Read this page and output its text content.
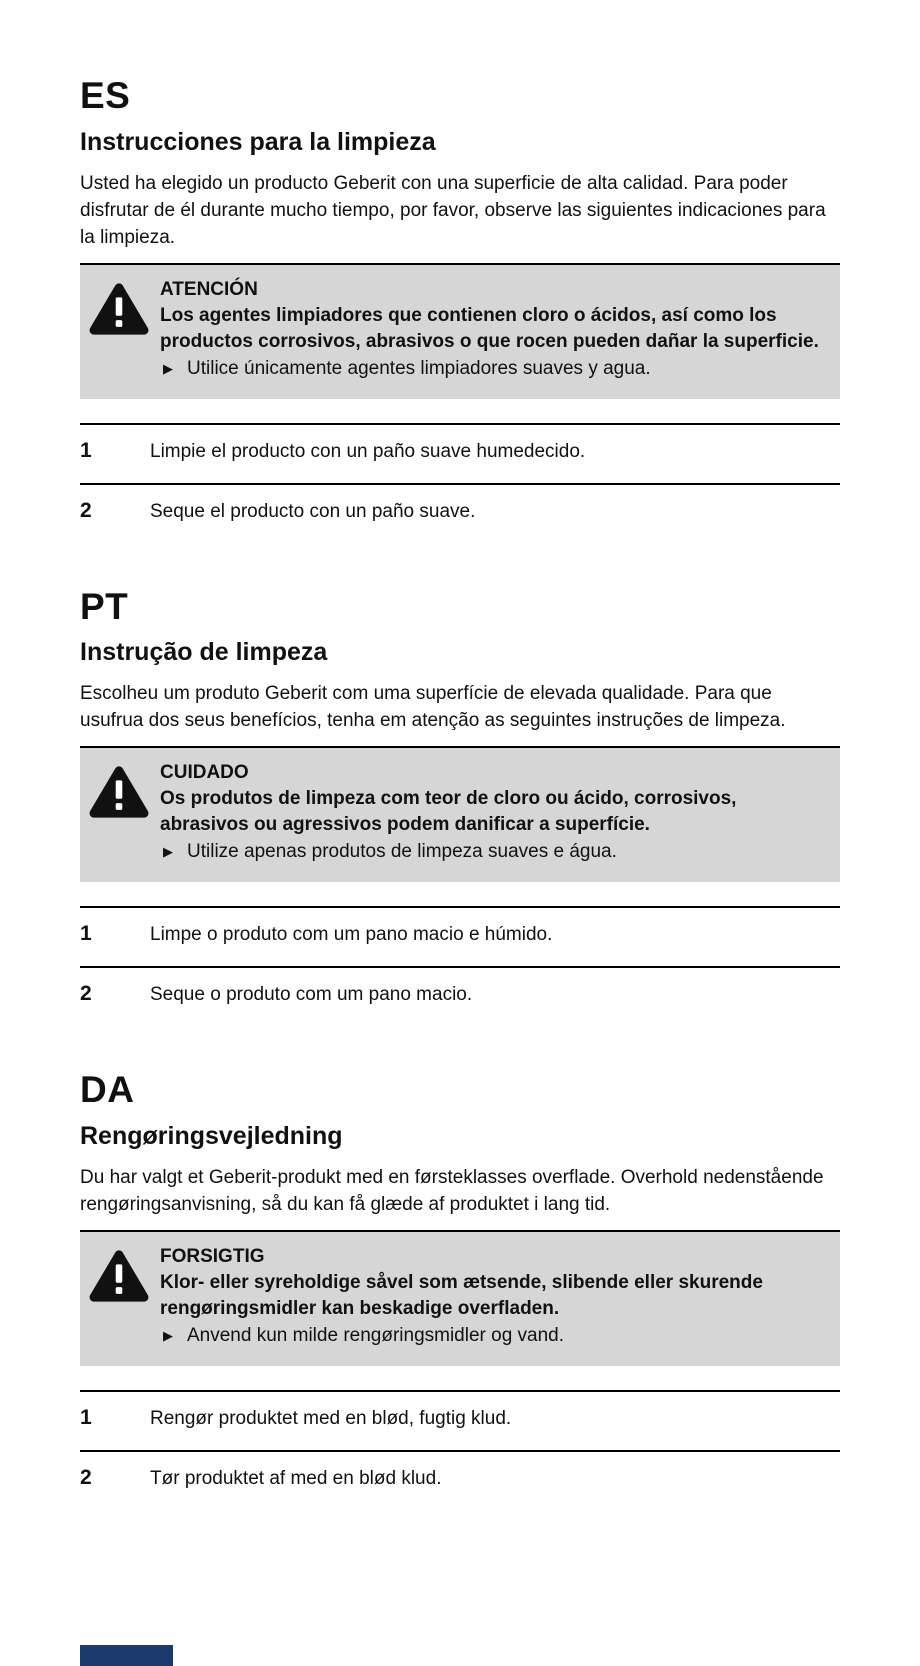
ES
Instrucciones para la limpieza

Usted ha elegido un producto Geberit con una superficie de alta calidad. Para poder disfrutar de él durante mucho tiempo, por favor, observe las siguientes indicaciones para la limpieza.

ATENCIÓN
Los agentes limpiadores que contienen cloro o ácidos, así como los productos corrosivos, abrasivos o que rocen pueden dañar la superficie.
▶ Utilice únicamente agentes limpiadores suaves y agua.
1	Limpie el producto con un paño suave humedecido.
2	Seque el producto con un paño suave.
PT
Instrução de limpeza

Escolheu um produto Geberit com uma superfície de elevada qualidade. Para que usufrua dos seus benefícios, tenha em atenção as seguintes instruções de limpeza.

CUIDADO
Os produtos de limpeza com teor de cloro ou ácido, corrosivos, abrasivos ou agressivos podem danificar a superfície.
▶ Utilize apenas produtos de limpeza suaves e água.
1	Limpe o produto com um pano macio e húmido.
2	Seque o produto com um pano macio.
DA
Rengøringsvejledning

Du har valgt et Geberit-produkt med en førsteklasses overflade. Overhold nedenstående rengøringsanvisning, så du kan få glæde af produktet i lang tid.

FORSIGTIG
Klor- eller syreholdige såvel som ætsende, slibende eller skurende rengøringsmidler kan beskadige overfladen.
▶ Anvend kun milde rengøringsmidler og vand.
1	Rengør produktet med en blød, fugtig klud.
2	Tør produktet af med en blød klud.
